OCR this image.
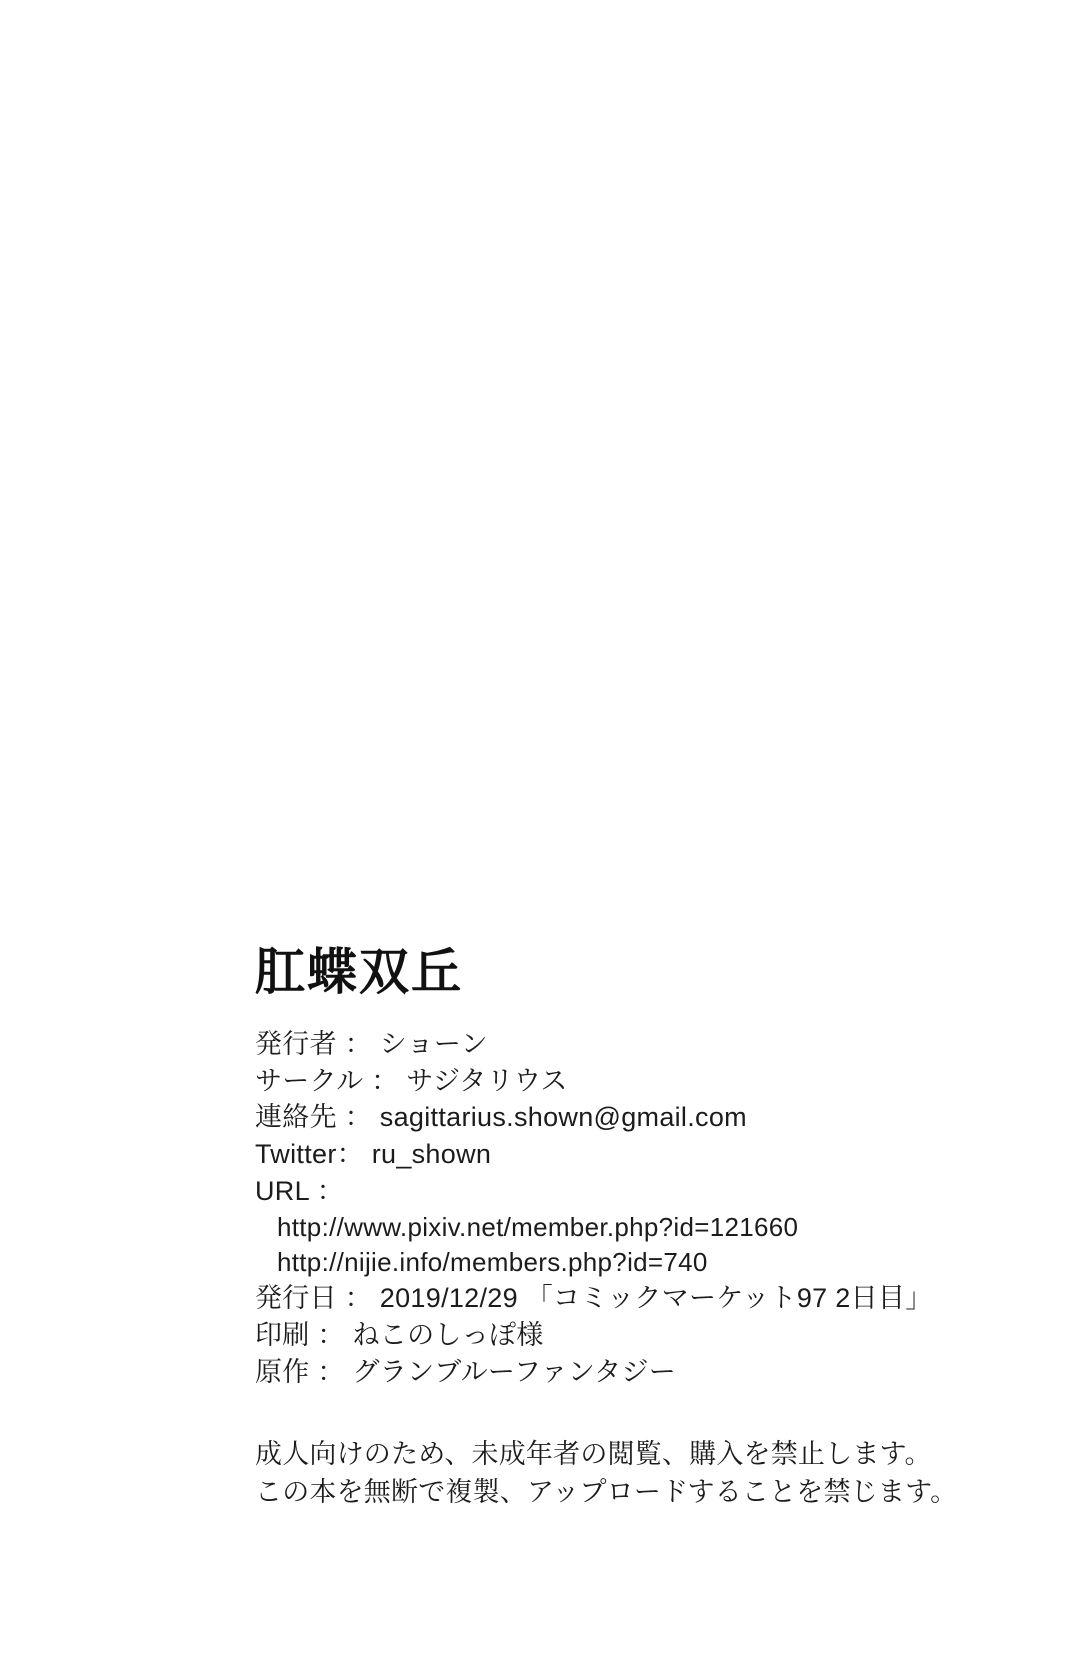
肛蝶双丘
発行者 ： ショーン
サークル ： サジタリウス
連絡先 ： sagittarius.shown@gmail.com
Twitter： ru_shown
URL ：
http://www.pixiv.net/member.php?id=121660
http://nijie.info/members.php?id=740
発行日 ： 2019/12/29 「コミックマーケット97 2日目」
印刷 ： ねこのしっぽ様
原作 ： グランブルーファンタジー
成人向けのため、未成年者の閲覧、購入を禁止します。
この本を無断で複製、アップロードすることを禁じます。
